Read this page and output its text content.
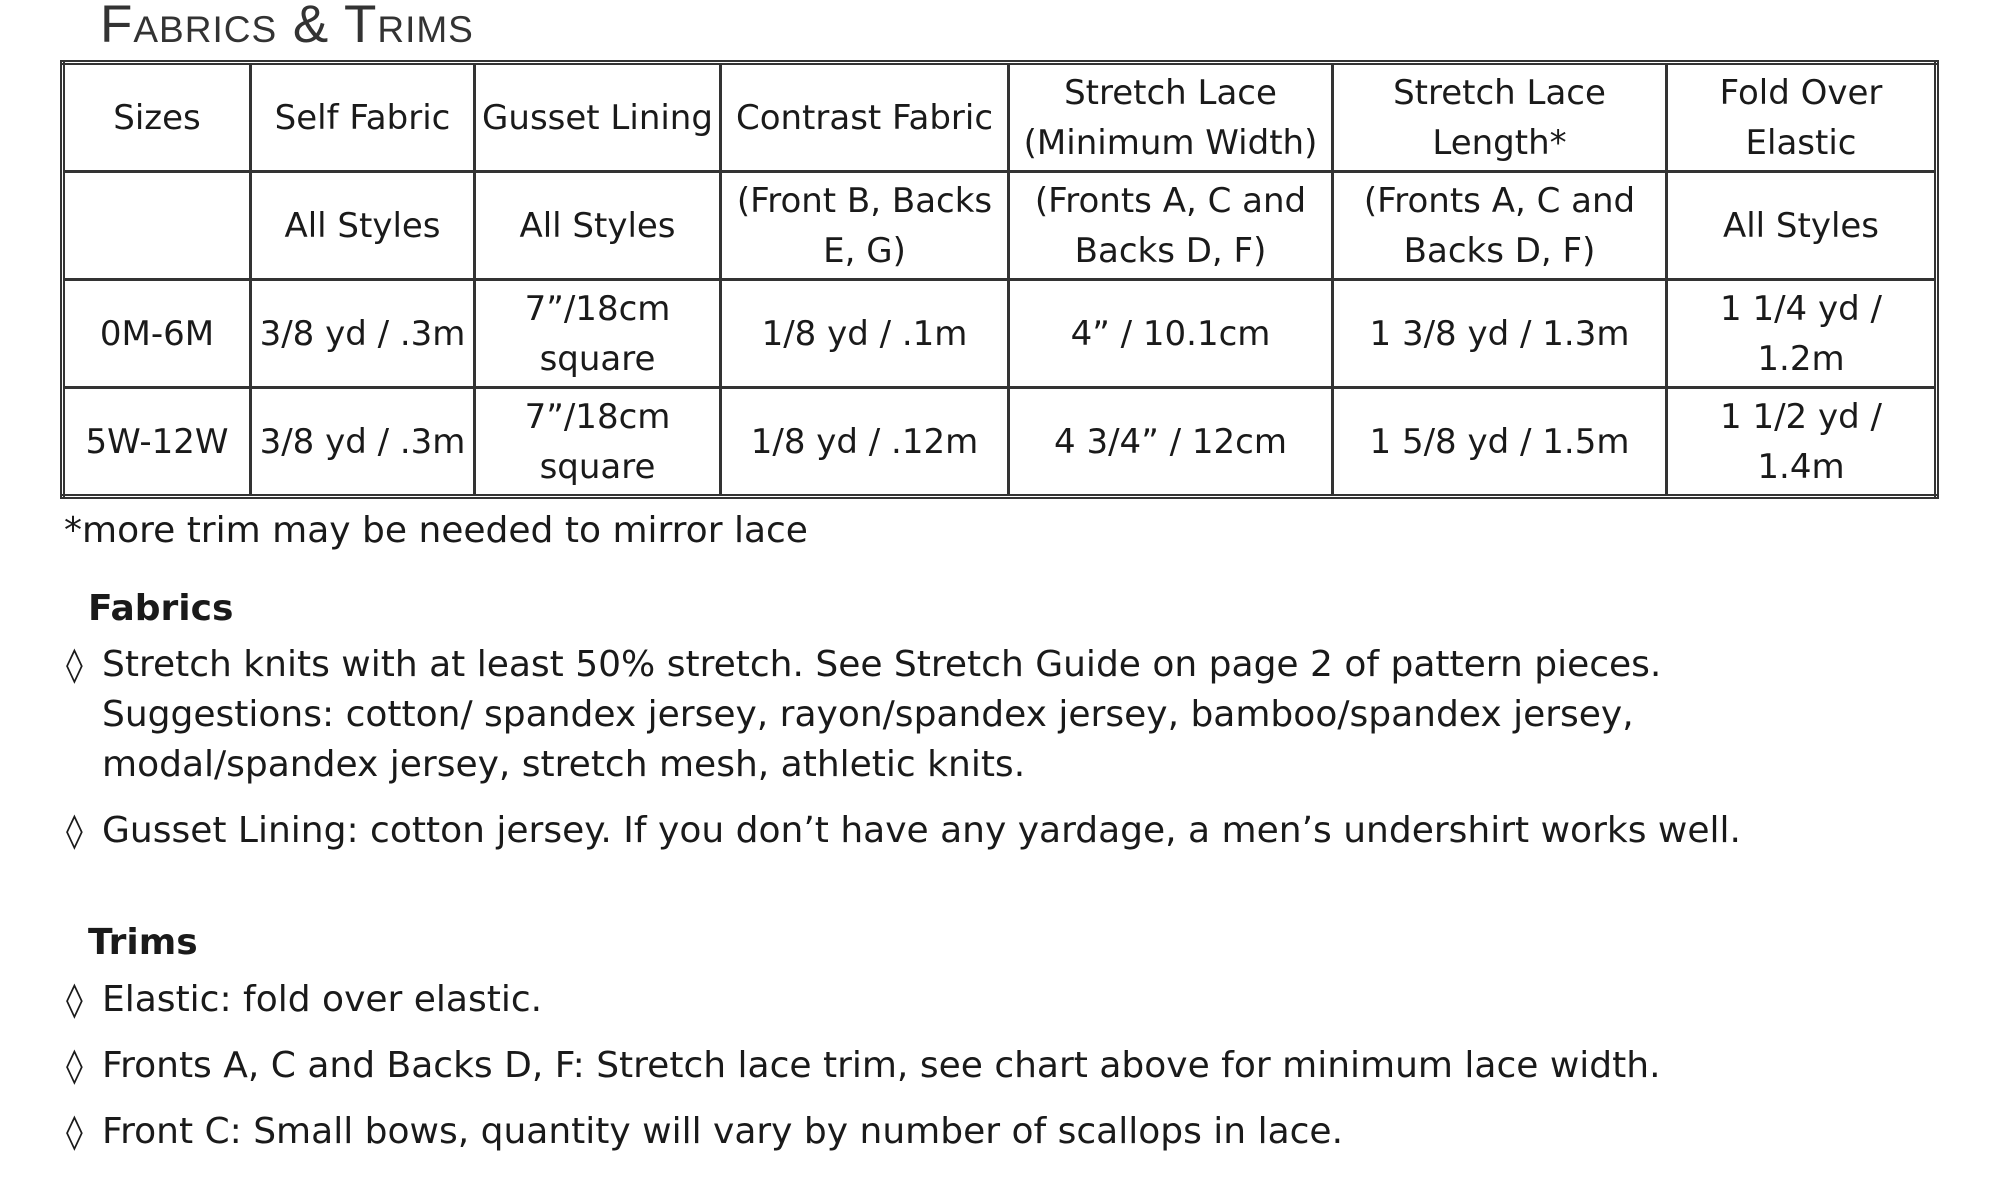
Fabrics & Trims
Sizes	Self Fabric	Gusset Lining	Contrast Fabric	Stretch Lace (Minimum Width)	Stretch Lace Length*	Fold Over Elastic
	All Styles	All Styles	(Front B, Backs E, G)	(Fronts A, C and Backs D, F)	(Fronts A, C and Backs D, F)	All Styles
0M-6M	3/8 yd / .3m	7”/18cm square	1/8 yd / .1m	4” / 10.1cm	1 3/8 yd / 1.3m	1 1/4 yd / 1.2m
5W-12W	3/8 yd / .3m	7”/18cm square	1/8 yd / .12m	4 3/4” / 12cm	1 5/8 yd / 1.5m	1 1/2 yd / 1.4m

*more trim may be needed to mirror lace

Fabrics
◊ Stretch knits with at least 50% stretch. See Stretch Guide on page 2 of pattern pieces. Suggestions: cotton/ spandex jersey, rayon/spandex jersey, bamboo/spandex jersey, modal/spandex jersey, stretch mesh, athletic knits.
◊ Gusset Lining: cotton jersey. If you don’t have any yardage, a men’s undershirt works well.
Trims
◊ Elastic: fold over elastic.
◊ Fronts A, C and Backs D, F: Stretch lace trim, see chart above for minimum lace width.
◊ Front C: Small bows, quantity will vary by number of scallops in lace.
